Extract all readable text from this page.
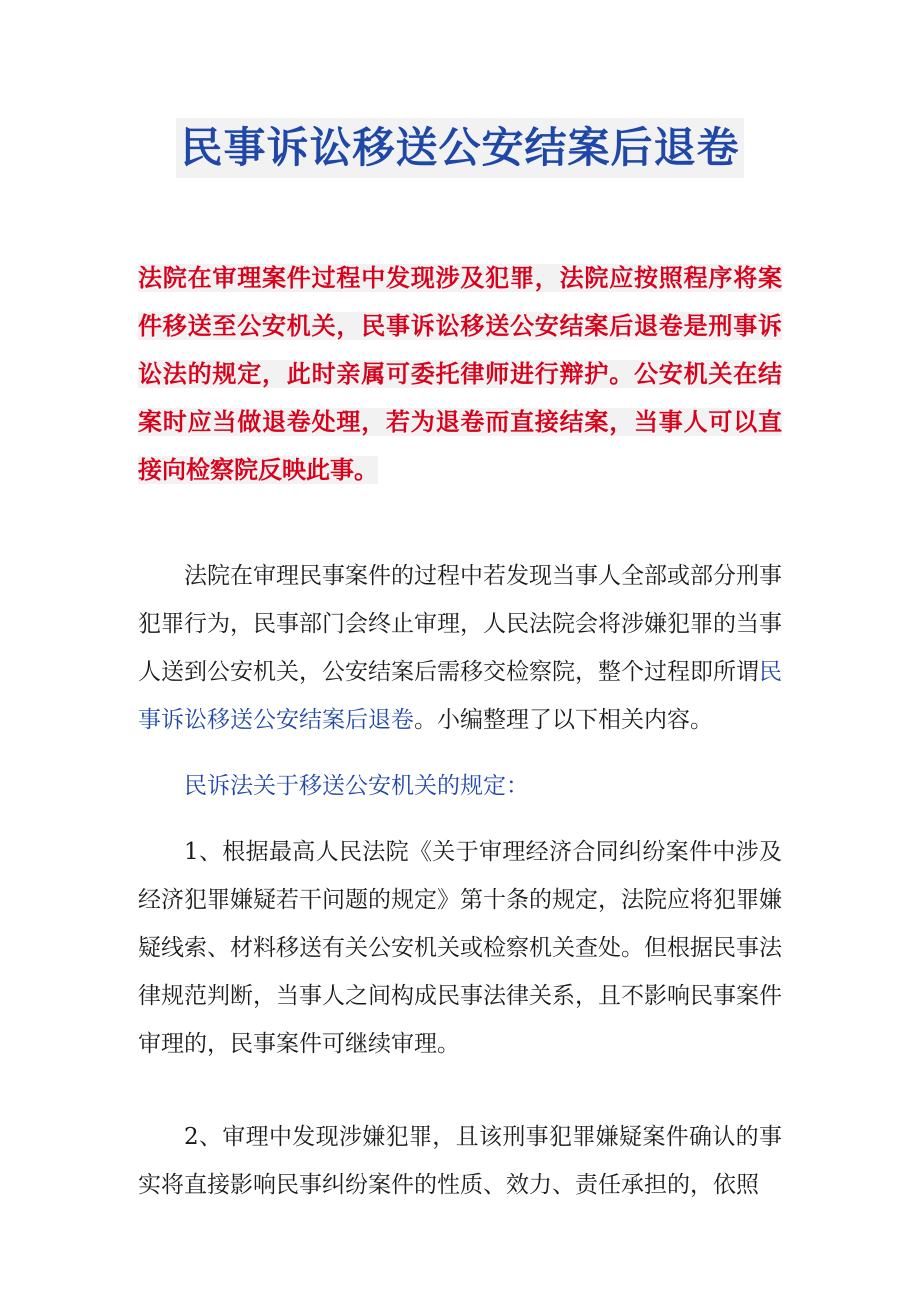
民事诉讼移送公安结案后退卷
法院在审理案件过程中发现涉及犯罪，法院应按照程序将案件移送至公安机关，民事诉讼移送公安结案后退卷是刑事诉讼法的规定，此时亲属可委托律师进行辩护。公安机关在结案时应当做退卷处理，若为退卷而直接结案，当事人可以直接向检察院反映此事。
法院在审理民事案件的过程中若发现当事人全部或部分刑事犯罪行为，民事部门会终止审理，人民法院会将涉嫌犯罪的当事人送到公安机关，公安结案后需移交检察院，整个过程即所谓民事诉讼移送公安结案后退卷。小编整理了以下相关内容。
民诉法关于移送公安机关的规定：
1、根据最高人民法院《关于审理经济合同纠纷案件中涉及经济犯罪嫌疑若干问题的规定》第十条的规定，法院应将犯罪嫌疑线索、材料移送有关公安机关或检察机关查处。但根据民事法律规范判断，当事人之间构成民事法律关系，且不影响民事案件审理的，民事案件可继续审理。
2、审理中发现涉嫌犯罪，且该刑事犯罪嫌疑案件确认的事实将直接影响民事纠纷案件的性质、效力、责任承担的，依照
